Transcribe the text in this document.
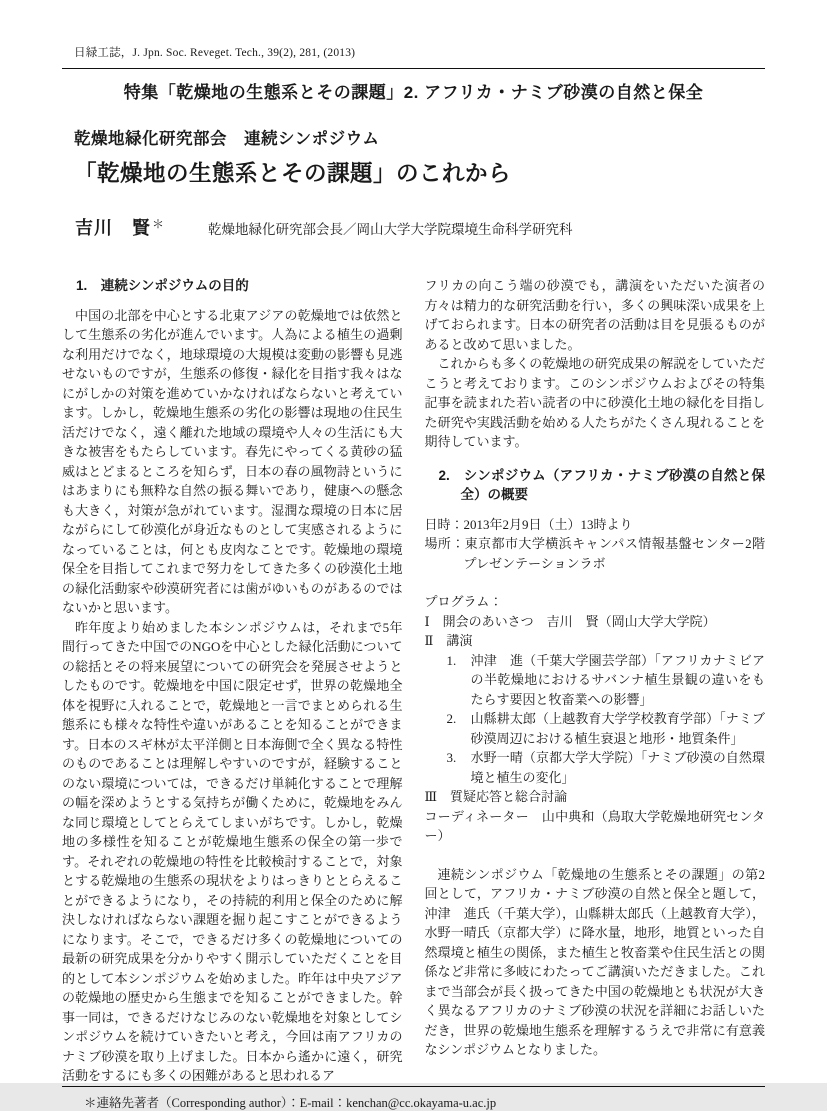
日緑工誌，J. Jpn. Soc. Reveget. Tech., 39(2), 281, (2013)
特集「乾燥地の生態系とその課題」2. アフリカ・ナミブ砂漠の自然と保全
乾燥地緑化研究部会　連続シンポジウム
「乾燥地の生態系とその課題」のこれから
吉川　賢 ＊	乾燥地緑化研究部会長／岡山大学大学院環境生命科学研究科
1.　連続シンポジウムの目的

中国の北部を中心とする北東アジアの乾燥地では依然として生態系の劣化が進んでいます。人為による植生の過剰な利用だけでなく，地球環境の大規模は変動の影響も見逃せないものですが，生態系の修復・緑化を目指す我々はなにがしかの対策を進めていかなければならないと考えています。しかし，乾燥地生態系の劣化の影響は現地の住民生活だけでなく，遠く離れた地域の環境や人々の生活にも大きな被害をもたらしています。春先にやってくる黄砂の猛威はとどまるところを知らず，日本の春の風物詩というにはあまりにも無粋な自然の振る舞いであり，健康への懸念も大きく，対策が急がれています。湿潤な環境の日本に居ながらにして砂漠化が身近なものとして実感されるようになっていることは，何とも皮肉なことです。乾燥地の環境保全を目指してこれまで努力をしてきた多くの砂漠化土地の緑化活動家や砂漠研究者には歯がゆいものがあるのではないかと思います。

昨年度より始めました本シンポジウムは，それまで5年間行ってきた中国でのNGOを中心とした緑化活動についての総括とその将来展望についての研究会を発展させようとしたものです。乾燥地を中国に限定せず，世界の乾燥地全体を視野に入れることで，乾燥地と一言でまとめられる生態系にも様々な特性や違いがあることを知ることができます。日本のスギ林が太平洋側と日本海側で全く異なる特性のものであることは理解しやすいのですが，経験することのない環境については，できるだけ単純化することで理解の幅を深めようとする気持ちが働くために，乾燥地をみんな同じ環境としてとらえてしまいがちです。しかし，乾燥地の多様性を知ることが乾燥地生態系の保全の第一歩です。それぞれの乾燥地の特性を比較検討することで，対象とする乾燥地の生態系の現状をよりはっきりととらえることができるようになり，その持続的利用と保全のために解決しなければならない課題を掘り起こすことができるようになります。そこで，できるだけ多くの乾燥地についての最新の研究成果を分かりやすく開示していただくことを目的として本シンポジウムを始めました。昨年は中央アジアの乾燥地の歴史から生態までを知ることができました。幹事一同は，できるだけなじみのない乾燥地を対象としてシンポジウムを続けていきたいと考え，今回は南アフリカのナミブ砂漠を取り上げました。日本から遙かに遠く，研究活動をするにも多くの困難があると思われるア

フリカの向こう端の砂漠でも，講演をいただいた演者の方々は精力的な研究活動を行い，多くの興味深い成果を上げておられます。日本の研究者の活動は目を見張るものがあると改めて思いました。

これからも多くの乾燥地の研究成果の解説をしていただこうと考えております。このシンポジウムおよびその特集記事を読まれた若い読者の中に砂漠化土地の緑化を目指した研究や実践活動を始める人たちがたくさん現れることを期待しています。

2.　シンポジウム（アフリカ・ナミブ砂漠の自然と保全）の概要

日時：2013年2月9日（土）13時より

場所：東京都市大学横浜キャンパス情報基盤センター2階　プレゼンテーションラボ

プログラム：

Ⅰ　開会のあいさつ　吉川　賢（岡山大学大学院）

Ⅱ　講演

1. 沖津　進（千葉大学園芸学部）「アフリカナミビアの半乾燥地におけるサバンナ植生景観の違いをもたらす要因と牧畜業への影響」
2. 山縣耕太郎（上越教育大学学校教育学部）「ナミブ砂漠周辺における植生衰退と地形・地質条件」
3. 水野一晴（京都大学大学院）「ナミブ砂漠の自然環境と植生の変化」

Ⅲ　質疑応答と総合討論

コーディネーター　山中典和（鳥取大学乾燥地研究センター）

連続シンポジウム「乾燥地の生態系とその課題」の第2回として，アフリカ・ナミブ砂漠の自然と保全と題して，沖津　進氏（千葉大学），山縣耕太郎氏（上越教育大学），水野一晴氏（京都大学）に降水量，地形，地質といった自然環境と植生の関係，また植生と牧畜業や住民生活との関係など非常に多岐にわたってご講演いただきました。これまで当部会が長く扱ってきた中国の乾燥地とも状況が大きく異なるアフリカのナミブ砂漠の状況を詳細にお話しいただき，世界の乾燥地生態系を理解するうえで非常に有意義なシンポジウムとなりました。

＊連絡先著者（Corresponding author）：E-mail：kenchan@cc.okayama-u.ac.jp
